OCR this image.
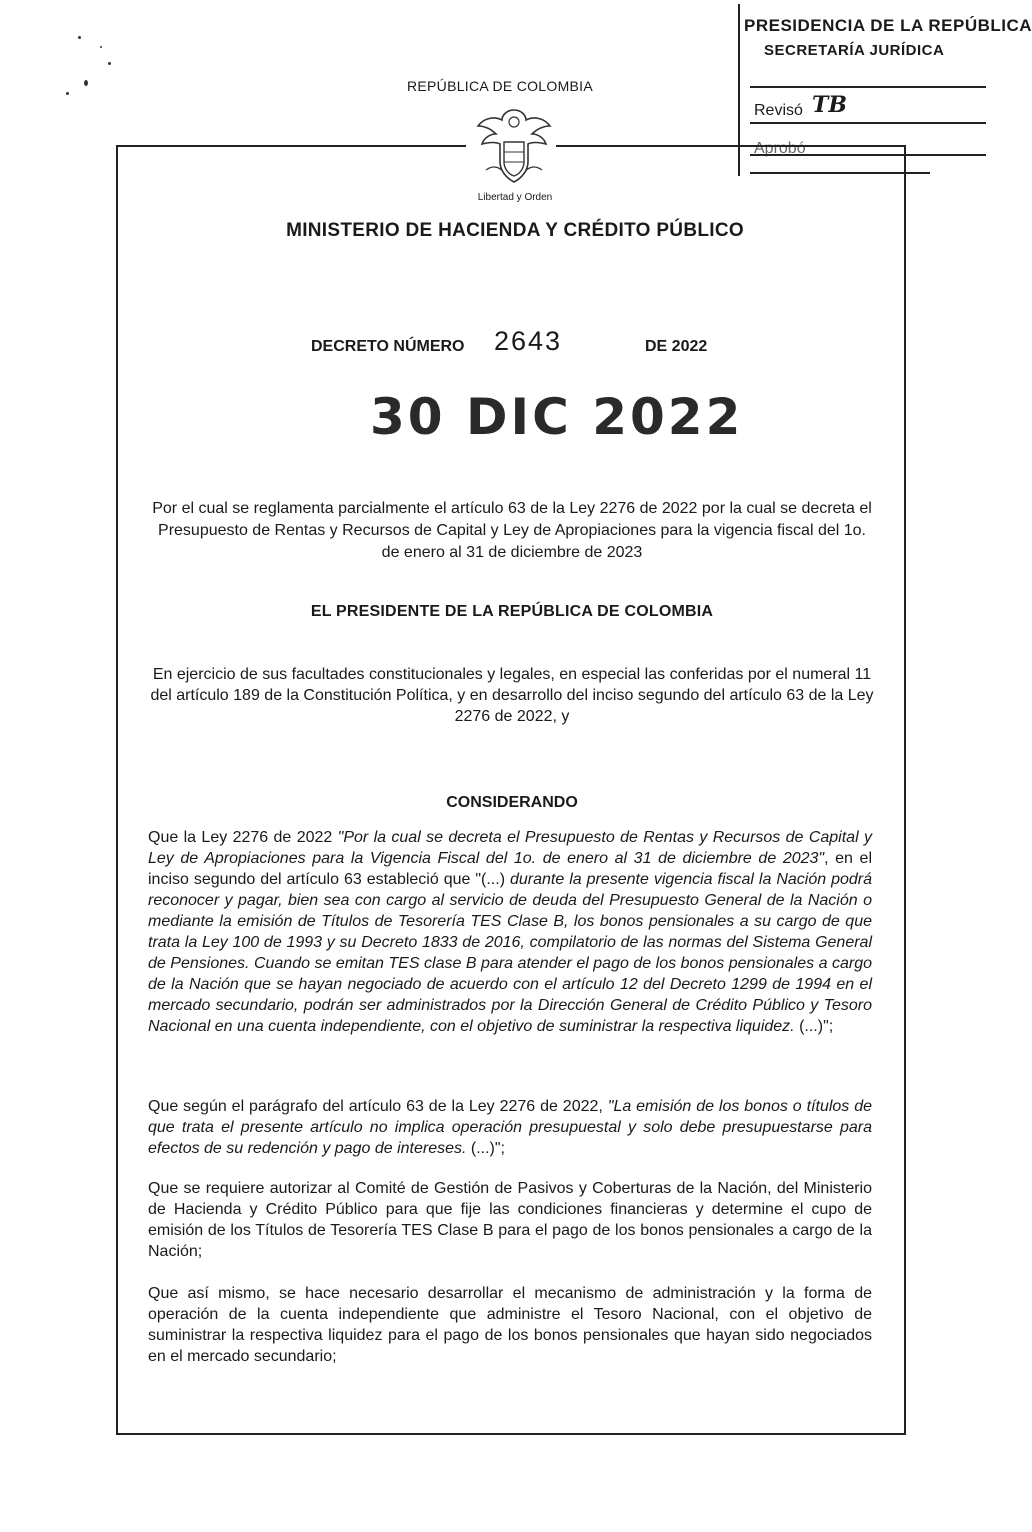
PRESIDENCIA DE LA REPÚBLICA
SECRETARÍA JURÍDICA
Revisó TB
Aprobó
REPÚBLICA DE COLOMBIA
Libertad y Orden
MINISTERIO DE HACIENDA Y CRÉDITO PÚBLICO
DECRETO NÚMERO 2643	DE 2022
30 DIC 2022
Por el cual se reglamenta parcialmente el artículo 63 de la Ley 2276 de 2022 por la cual se decreta el Presupuesto de Rentas y Recursos de Capital y Ley de Apropiaciones para la vigencia fiscal del 1o. de enero al 31 de diciembre de 2023
EL PRESIDENTE DE LA REPÚBLICA DE COLOMBIA
En ejercicio de sus facultades constitucionales y legales, en especial las conferidas por el numeral 11 del artículo 189 de la Constitución Política, y en desarrollo del inciso segundo del artículo 63 de la Ley 2276 de 2022, y
CONSIDERANDO
Que la Ley 2276 de 2022 "Por la cual se decreta el Presupuesto de Rentas y Recursos de Capital y Ley de Apropiaciones para la Vigencia Fiscal del 1o. de enero al 31 de diciembre de 2023", en el inciso segundo del artículo 63 estableció que "(...) durante la presente vigencia fiscal la Nación podrá reconocer y pagar, bien sea con cargo al servicio de deuda del Presupuesto General de la Nación o mediante la emisión de Títulos de Tesorería TES Clase B, los bonos pensionales a su cargo de que trata la Ley 100 de 1993 y su Decreto 1833 de 2016, compilatorio de las normas del Sistema General de Pensiones. Cuando se emitan TES clase B para atender el pago de los bonos pensionales a cargo de la Nación que se hayan negociado de acuerdo con el artículo 12 del Decreto 1299 de 1994 en el mercado secundario, podrán ser administrados por la Dirección General de Crédito Público y Tesoro Nacional en una cuenta independiente, con el objetivo de suministrar la respectiva liquidez. (...)";
Que según el parágrafo del artículo 63 de la Ley 2276 de 2022, "La emisión de los bonos o títulos de que trata el presente artículo no implica operación presupuestal y solo debe presupuestarse para efectos de su redención y pago de intereses. (...)";
Que se requiere autorizar al Comité de Gestión de Pasivos y Coberturas de la Nación, del Ministerio de Hacienda y Crédito Público para que fije las condiciones financieras y determine el cupo de emisión de los Títulos de Tesorería TES Clase B para el pago de los bonos pensionales a cargo de la Nación;
Que así mismo, se hace necesario desarrollar el mecanismo de administración y la forma de operación de la cuenta independiente que administre el Tesoro Nacional, con el objetivo de suministrar la respectiva liquidez para el pago de los bonos pensionales que hayan sido negociados en el mercado secundario;
